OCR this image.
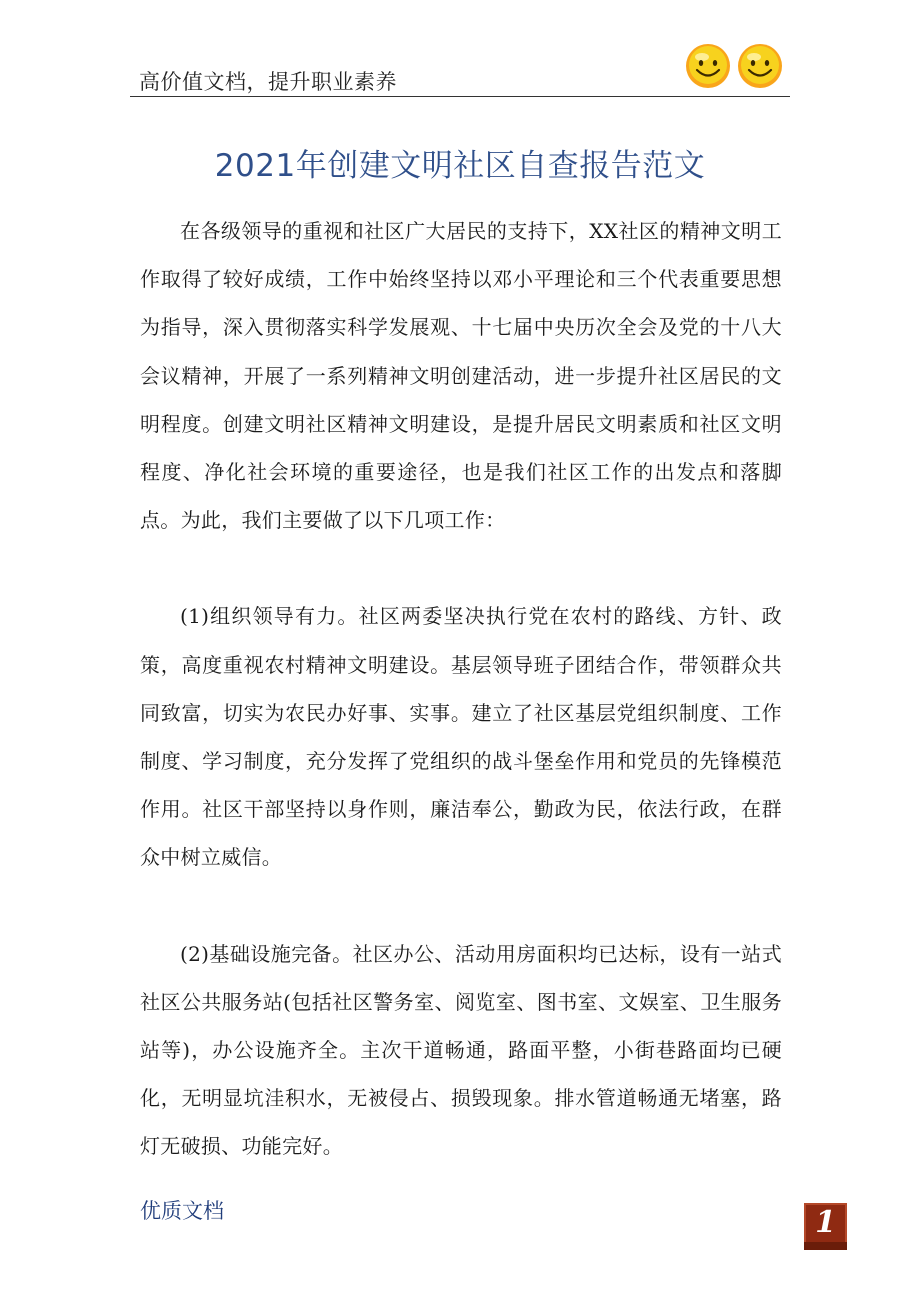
高价值文档，提升职业素养
2021年创建文明社区自查报告范文

在各级领导的重视和社区广大居民的支持下，XX社区的精神文明工作取得了较好成绩，工作中始终坚持以邓小平理论和三个代表重要思想为指导，深入贯彻落实科学发展观、十七届中央历次全会及党的十八大会议精神，开展了一系列精神文明创建活动，进一步提升社区居民的文明程度。创建文明社区精神文明建设，是提升居民文明素质和社区文明程度、净化社会环境的重要途径，也是我们社区工作的出发点和落脚点。为此，我们主要做了以下几项工作：

(1)组织领导有力。社区两委坚决执行党在农村的路线、方针、政策，高度重视农村精神文明建设。基层领导班子团结合作，带领群众共同致富，切实为农民办好事、实事。建立了社区基层党组织制度、工作制度、学习制度，充分发挥了党组织的战斗堡垒作用和党员的先锋模范作用。社区干部坚持以身作则，廉洁奉公，勤政为民，依法行政，在群众中树立威信。

(2)基础设施完备。社区办公、活动用房面积均已达标，设有一站式社区公共服务站(包括社区警务室、阅览室、图书室、文娱室、卫生服务站等)，办公设施齐全。主次干道畅通，路面平整，小街巷路面均已硬化，无明显坑洼积水，无被侵占、损毁现象。排水管道畅通无堵塞，路灯无破损、功能完好。

优质文档	1
